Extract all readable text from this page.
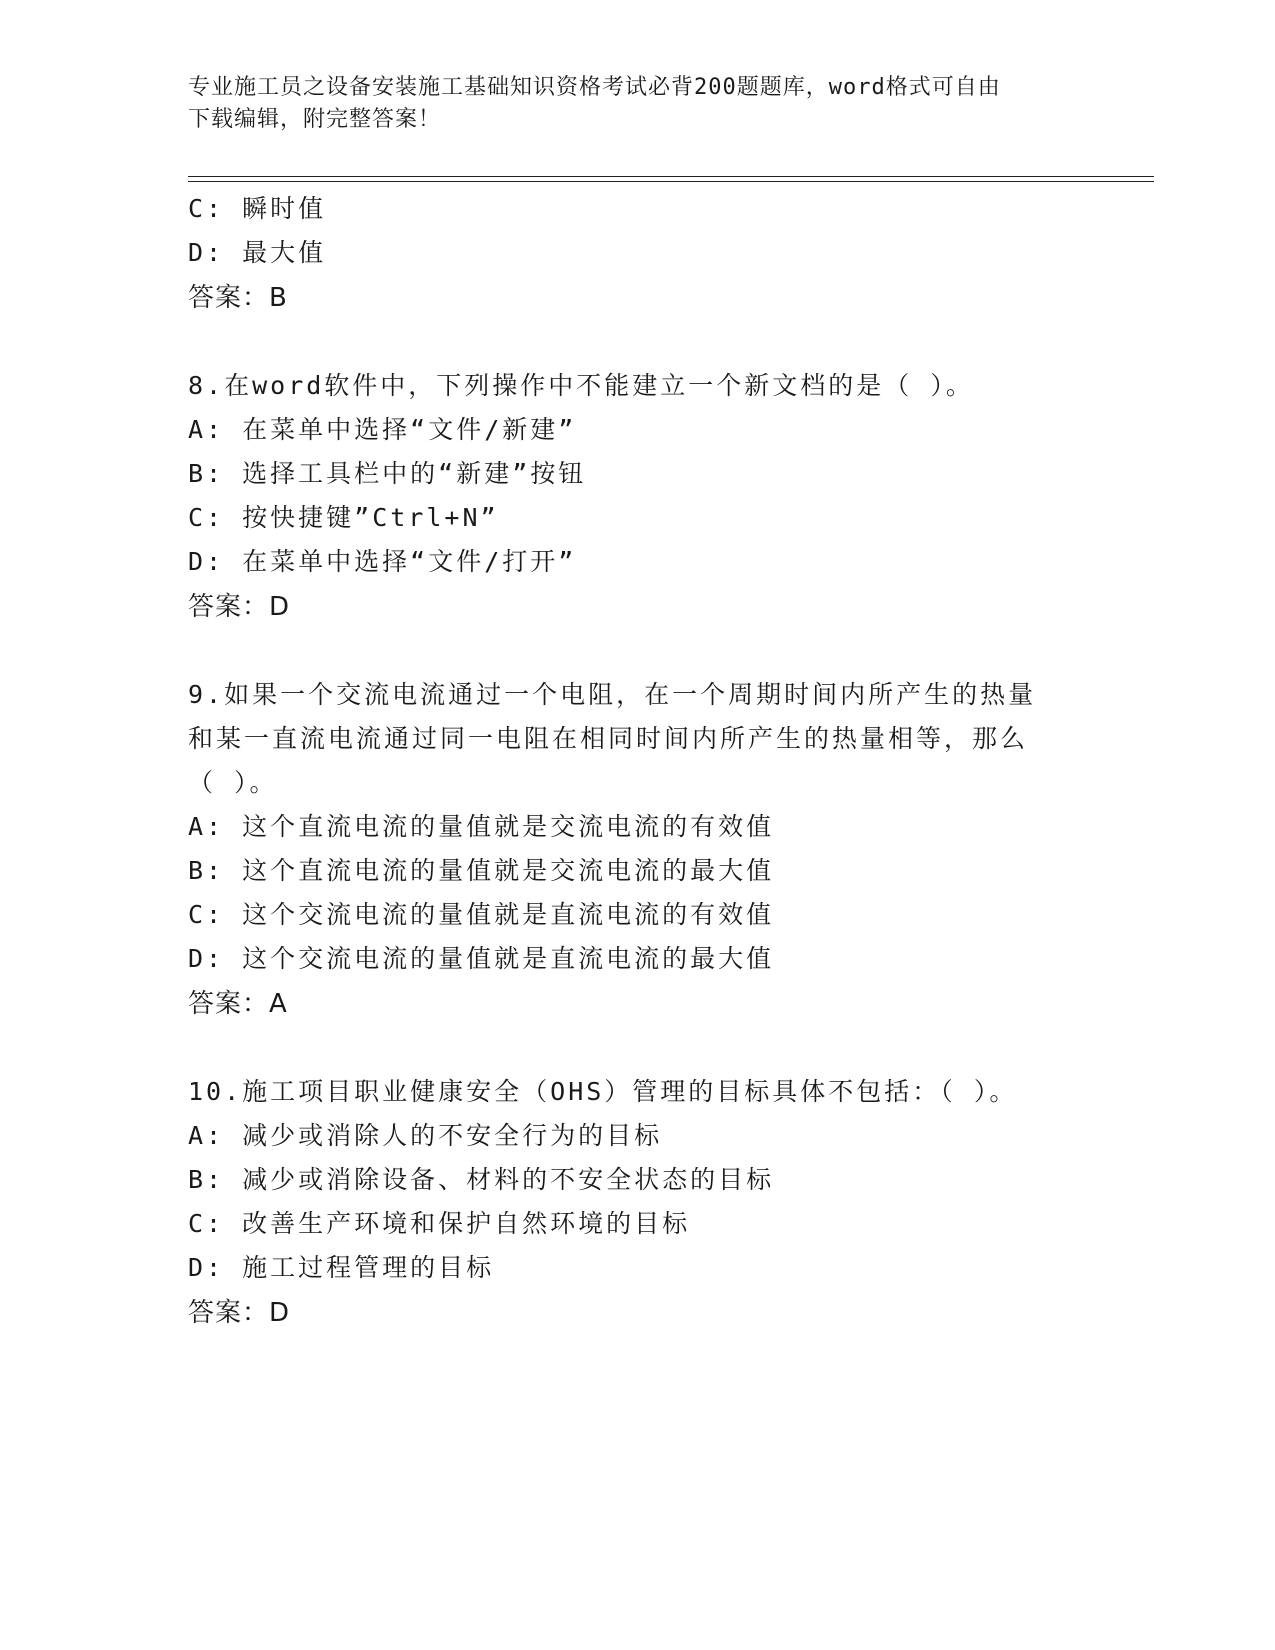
专业施工员之设备安装施工基础知识资格考试必背200题题库，word格式可自由
下载编辑，附完整答案！
C: 瞬时值
D: 最大值
答案：B
8.在word软件中，下列操作中不能建立一个新文档的是（ ）。
A: 在菜单中选择“文件/新建”
B: 选择工具栏中的“新建”按钮
C: 按快捷键”Ctrl+N”
D: 在菜单中选择“文件/打开”
答案：D
9.如果一个交流电流通过一个电阻，在一个周期时间内所产生的热量
和某一直流电流通过同一电阻在相同时间内所产生的热量相等，那么
（ ）。
A: 这个直流电流的量值就是交流电流的有效值
B: 这个直流电流的量值就是交流电流的最大值
C: 这个交流电流的量值就是直流电流的有效值
D: 这个交流电流的量值就是直流电流的最大值
答案：A
10.施工项目职业健康安全（OHS）管理的目标具体不包括：（ ）。
A: 减少或消除人的不安全行为的目标
B: 减少或消除设备、材料的不安全状态的目标
C: 改善生产环境和保护自然环境的目标
D: 施工过程管理的目标
答案：D
